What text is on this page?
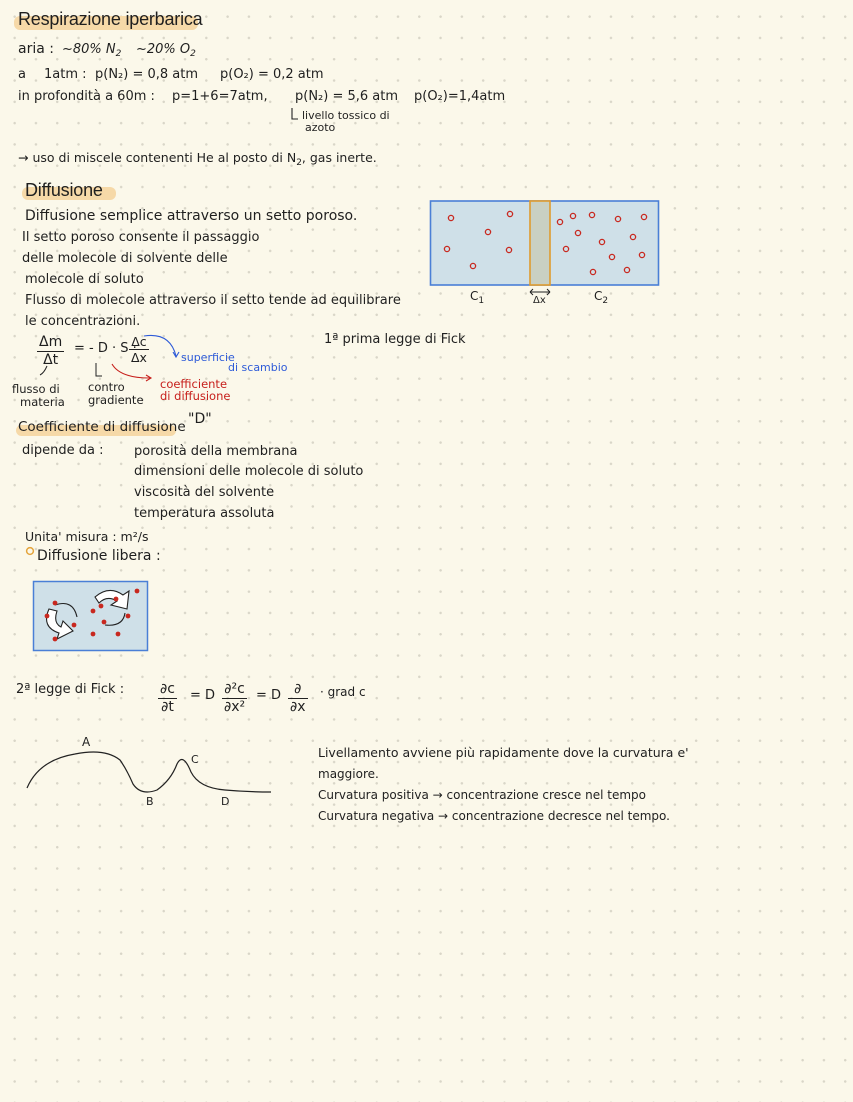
Respirazione iperbarica
aria : ~80% $N_2$ ~20% $O_2$
a 1atm : p(N₂) = 0,8 atm p(O₂) = 0,2 atm
in profondità a 60m : p=1+6=7atm, p(N₂) = 5,6 atm p(O₂)=1,4atm
livello tossico di
azoto
→ uso di miscele contenenti He al posto di $N_2$, gas inerte.
Diffusione
Diffusione semplice attraverso un setto poroso.
Il setto poroso consente il passaggio
delle molecole di solvente delle
molecole di soluto
Flusso di molecole attraverso il setto tende ad equilibrare
le concentrazioni.
$C_1$	Δx	$C_2$
1ª prima legge di Fick
$\frac{\Delta m}{\Delta t}$ = - D · S ·
$\frac{\Delta c}{\Delta x}$	superficie
di scambio
flusso di
materia
contro
gradiente
coefficiente
di diffusione
Coefficiente di diffusione "D"
dipende da : porosità della membrana
dimensioni delle molecole di soluto
viscosità del solvente
temperatura assoluta
Unita' misura : m²/s
Diffusione libera :
2ª legge di Fick : $\frac{\partial c}{\partial t} = D \frac{\text{∂²c}}{\text{∂x²}} = D$ ∂
∂x
· grad c
A
B
C
D
Livellamento avviene più rapidamente dove la curvatura e'
maggiore.
Curvatura positiva → concentrazione cresce nel tempo
Curvatura negativa → concentrazione decresce nel tempo.
